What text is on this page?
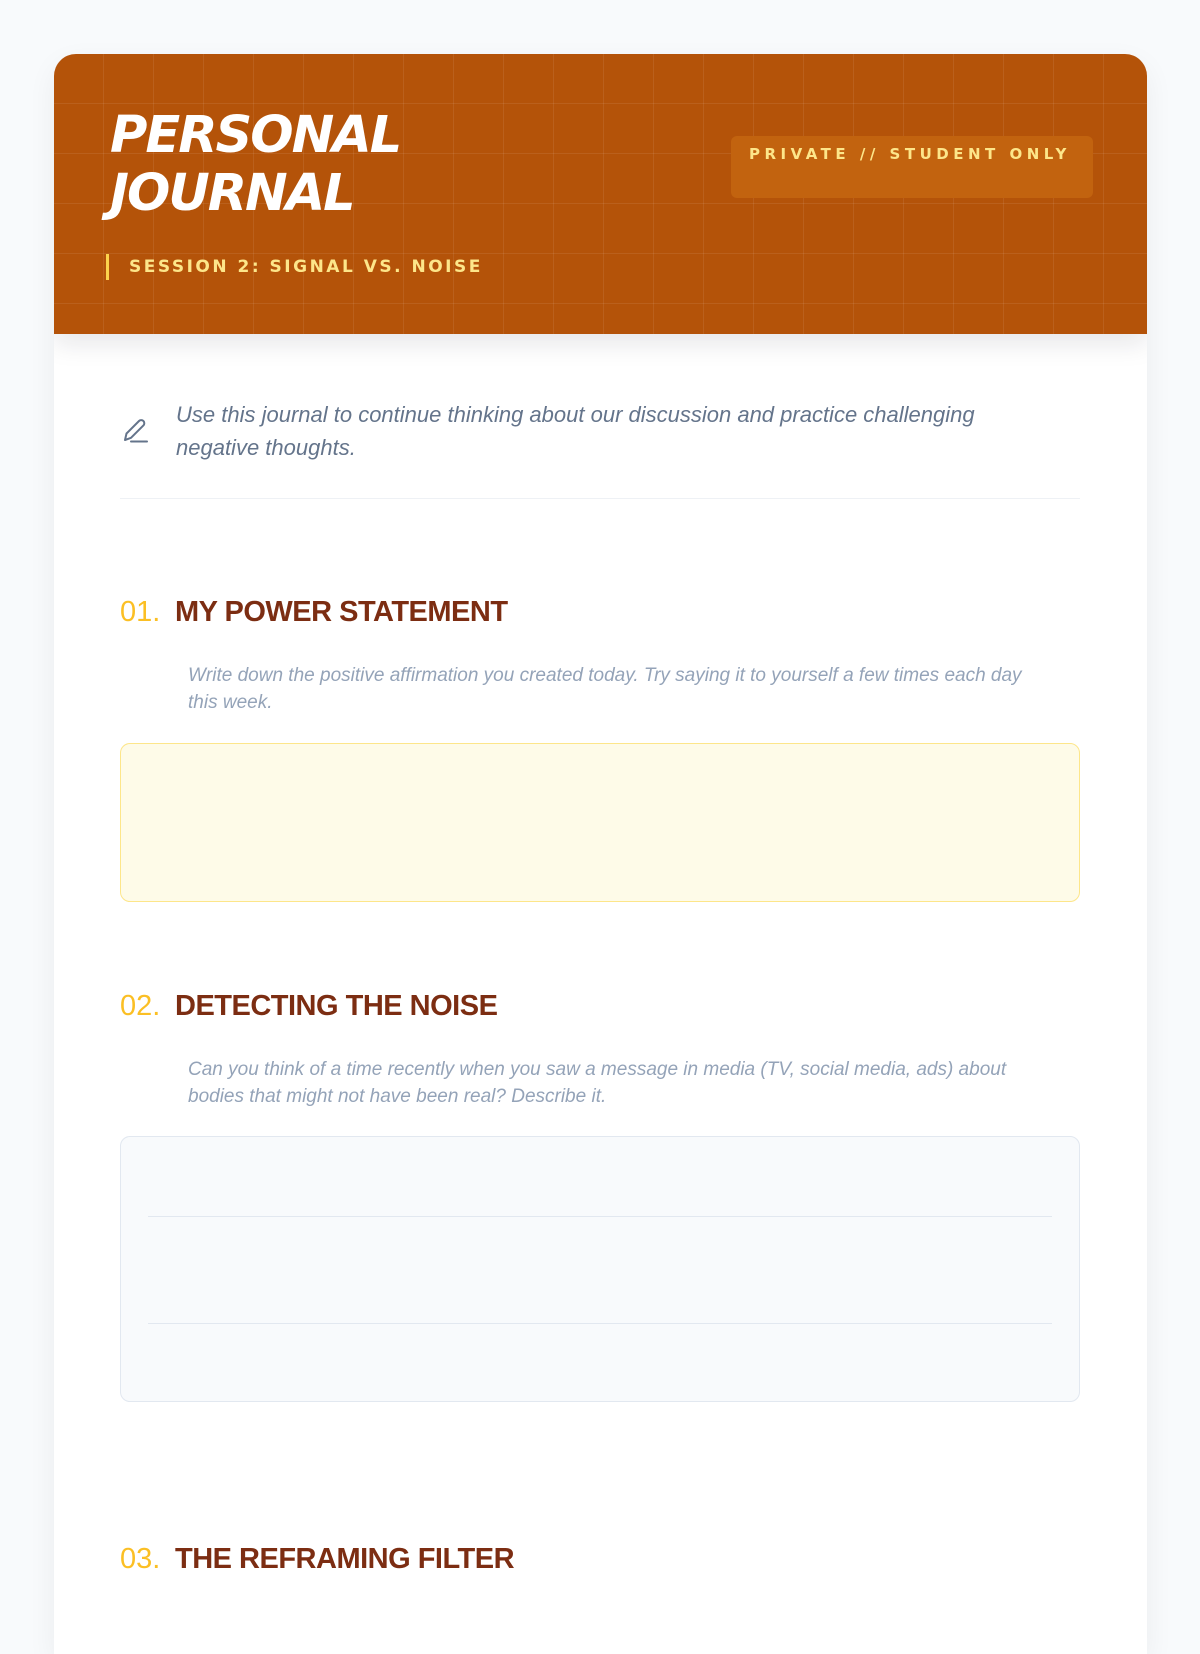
PERSONAL
JOURNAL
SESSION 2: SIGNAL VS. NOISE
PRIVATE // STUDENT ONLY
Use this journal to continue thinking about our discussion and practice challenging negative thoughts.
01. MY POWER STATEMENT
Write down the positive affirmation you created today. Try saying it to yourself a few times each day this week.
02. DETECTING THE NOISE
Can you think of a time recently when you saw a message in media (TV, social media, ads) about bodies that might not have been real? Describe it.
03. THE REFRAMING FILTER
